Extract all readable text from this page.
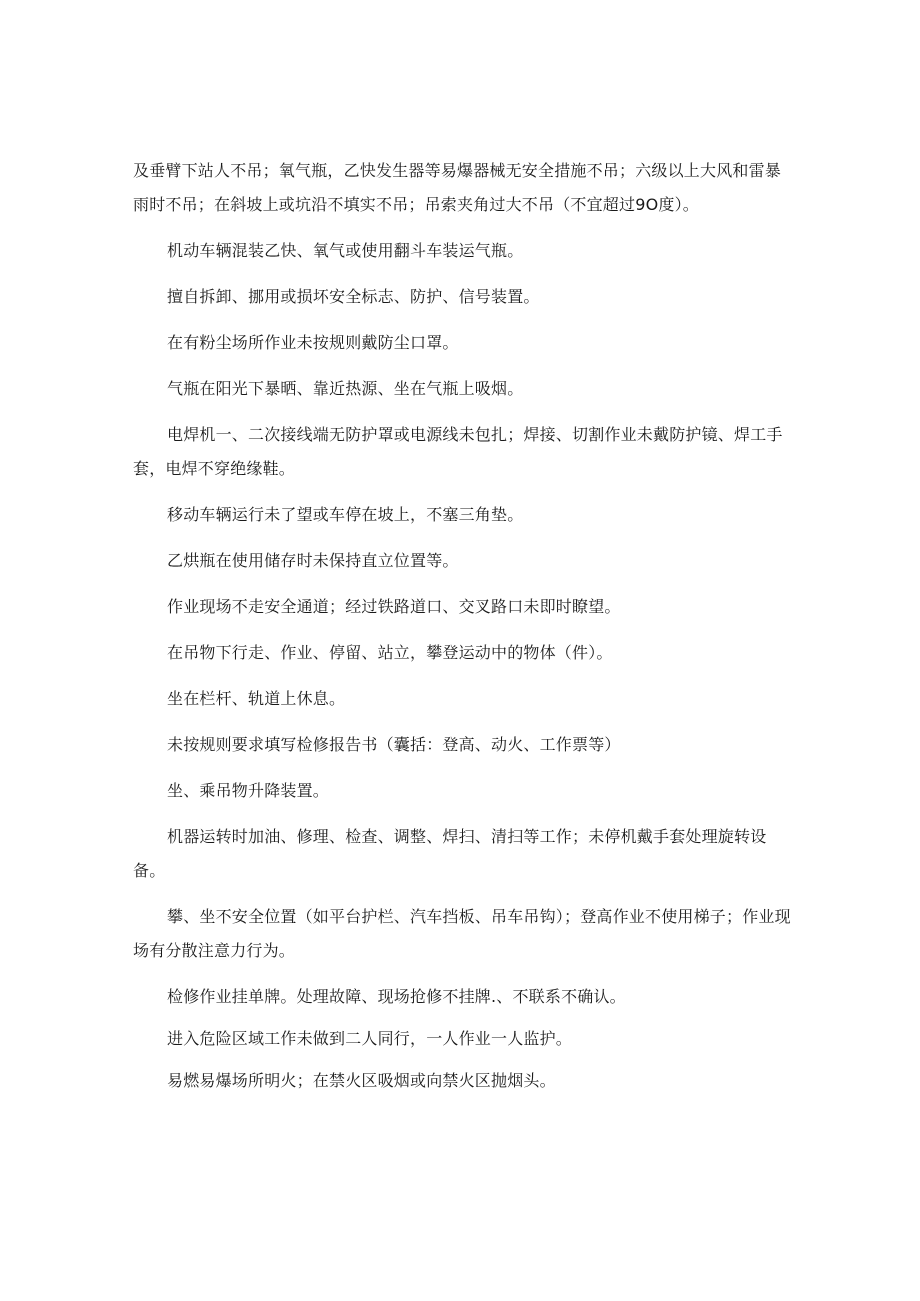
及垂臂下站人不吊；氧气瓶，乙快发生器等易爆器械无安全措施不吊；六级以上大风和雷暴雨时不吊；在斜坡上或坑沿不填实不吊；吊索夹角过大不吊（不宜超过9O度）。

机动车辆混装乙快、氧气或使用翻斗车装运气瓶。

擅自拆卸、挪用或损坏安全标志、防护、信号装置。

在有粉尘场所作业未按规则戴防尘口罩。

气瓶在阳光下暴晒、靠近热源、坐在气瓶上吸烟。

电焊机一、二次接线端无防护罩或电源线未包扎；焊接、切割作业未戴防护镜、焊工手套，电焊不穿绝缘鞋。

移动车辆运行未了望或车停在坡上，不塞三角垫。

乙烘瓶在使用储存时未保持直立位置等。

作业现场不走安全通道；经过铁路道口、交叉路口未即时瞭望。

在吊物下行走、作业、停留、站立，攀登运动中的物体（件）。

坐在栏杆、轨道上休息。

未按规则要求填写检修报告书（囊括：登高、动火、工作票等）

坐、乘吊物升降装置。

机器运转时加油、修理、检查、调整、焊扫、清扫等工作；未停机戴手套处理旋转设备。

攀、坐不安全位置（如平台护栏、汽车挡板、吊车吊钩）；登高作业不使用梯子；作业现场有分散注意力行为。

检修作业挂单牌。处理故障、现场抢修不挂牌.、不联系不确认。

进入危险区域工作未做到二人同行，一人作业一人监护。

易燃易爆场所明火；在禁火区吸烟或向禁火区抛烟头。
